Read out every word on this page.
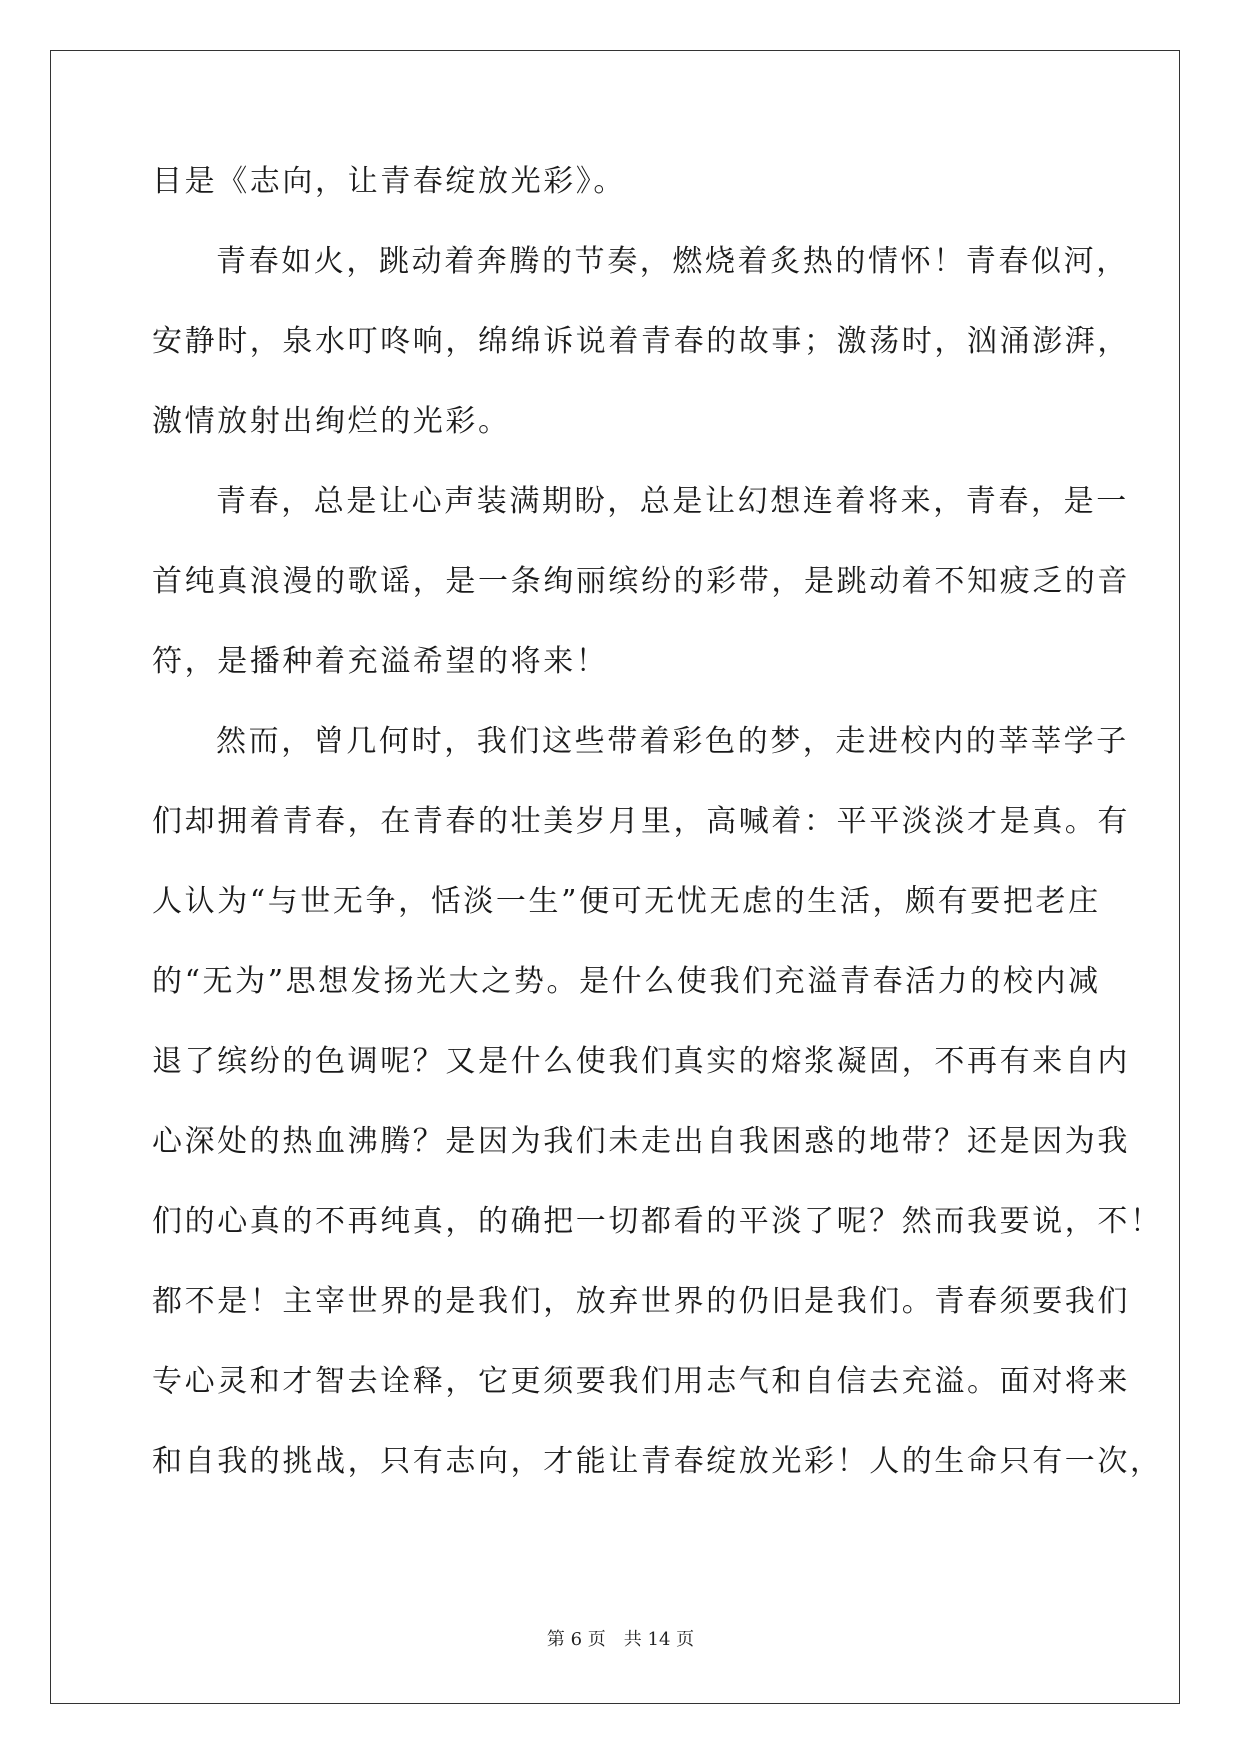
目是《志向，让青春绽放光彩》。
青春如火，跳动着奔腾的节奏，燃烧着炙热的情怀！青春似河，
安静时，泉水叮咚响，绵绵诉说着青春的故事；激荡时，汹涌澎湃，
激情放射出绚烂的光彩。
青春，总是让心声装满期盼，总是让幻想连着将来，青春，是一
首纯真浪漫的歌谣，是一条绚丽缤纷的彩带，是跳动着不知疲乏的音
符，是播种着充溢希望的将来！
然而，曾几何时，我们这些带着彩色的梦，走进校内的莘莘学子
们却拥着青春，在青春的壮美岁月里，高喊着：平平淡淡才是真。有
人认为“与世无争，恬淡一生”便可无忧无虑的生活，颇有要把老庄
的“无为”思想发扬光大之势。是什么使我们充溢青春活力的校内减
退了缤纷的色调呢？又是什么使我们真实的熔浆凝固，不再有来自内
心深处的热血沸腾？是因为我们未走出自我困惑的地带？还是因为我
们的心真的不再纯真，的确把一切都看的平淡了呢？然而我要说，不！
都不是！主宰世界的是我们，放弃世界的仍旧是我们。青春须要我们
专心灵和才智去诠释，它更须要我们用志气和自信去充溢。面对将来
和自我的挑战，只有志向，才能让青春绽放光彩！人的生命只有一次，
第 6 页 共 14 页
